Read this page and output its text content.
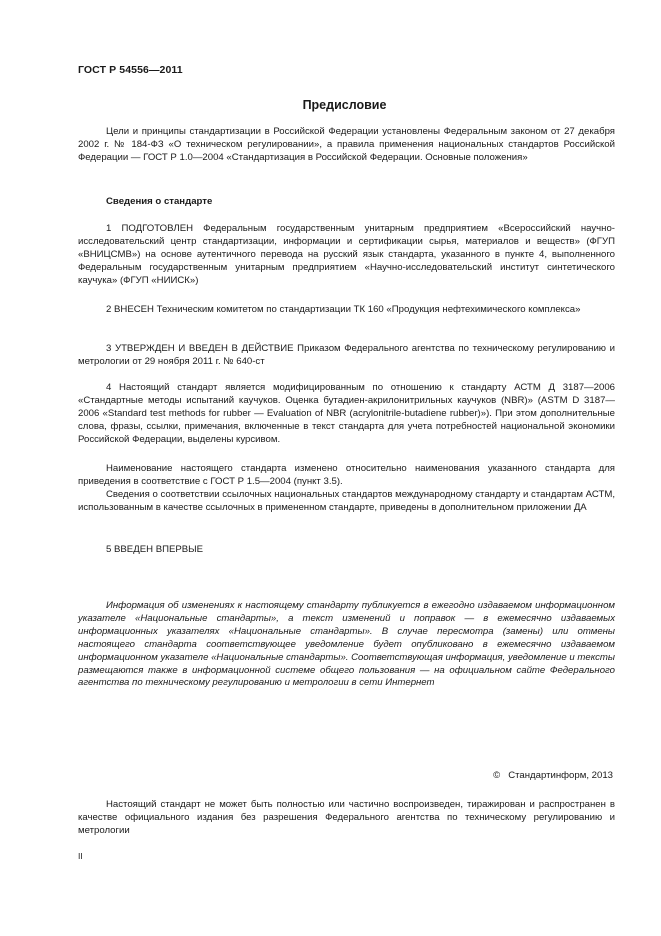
ГОСТ Р 54556—2011
Предисловие

Цели и принципы стандартизации в Российской Федерации установлены Федеральным законом от 27 декабря 2002 г. № 184-ФЗ «О техническом регулировании», а правила применения национальных стандартов Российской Федерации — ГОСТ Р 1.0—2004 «Стандартизация в Российской Федерации. Основные положения»

Сведения о стандарте

1 ПОДГОТОВЛЕН Федеральным государственным унитарным предприятием «Всероссийский научно-исследовательский центр стандартизации, информации и сертификации сырья, материалов и веществ» (ФГУП «ВНИЦСМВ») на основе аутентичного перевода на русский язык стандарта, указанного в пункте 4, выполненного Федеральным государственным унитарным предприятием «Научно-исследовательский институт синтетического каучука» (ФГУП «НИИСК»)

2 ВНЕСЕН Техническим комитетом по стандартизации ТК 160 «Продукция нефтехимического комплекса»

3 УТВЕРЖДЕН И ВВЕДЕН В ДЕЙСТВИЕ Приказом Федерального агентства по техническому регулированию и метрологии от 29 ноября 2011 г. № 640-ст

4 Настоящий стандарт является модифицированным по отношению к стандарту АСТМ Д 3187—2006 «Стандартные методы испытаний каучуков. Оценка бутадиен-акрилонитрильных каучуков (NBR)» (ASTM D 3187—2006 «Standard test methods for rubber — Evaluation of NBR (acrylonitrile-butadiene rubber)»). При этом дополнительные слова, фразы, ссылки, примечания, включенные в текст стандарта для учета потребностей национальной экономики Российской Федерации, выделены курсивом.

Наименование настоящего стандарта изменено относительно наименования указанного стандарта для приведения в соответствие с ГОСТ Р 1.5—2004 (пункт 3.5).

Сведения о соответствии ссылочных национальных стандартов международному стандарту и стандартам АСТМ, использованным в качестве ссылочных в примененном стандарте, приведены в дополнительном приложении ДА

5 ВВЕДЕН ВПЕРВЫЕ

Информация об изменениях к настоящему стандарту публикуется в ежегодно издаваемом информационном указателе «Национальные стандарты», а текст изменений и поправок — в ежемесячно издаваемых информационных указателях «Национальные стандарты». В случае пересмотра (замены) или отмены настоящего стандарта соответствующее уведомление будет опубликовано в ежемесячно издаваемом информационном указателе «Национальные стандарты». Соответствующая информация, уведомление и тексты размещаются также в информационной системе общего пользования — на официальном сайте Федерального агентства по техническому регулированию и метрологии в сети Интернет

© Стандартинформ, 2013

Настоящий стандарт не может быть полностью или частично воспроизведен, тиражирован и распространен в качестве официального издания без разрешения Федерального агентства по техническому регулированию и метрологии

II
